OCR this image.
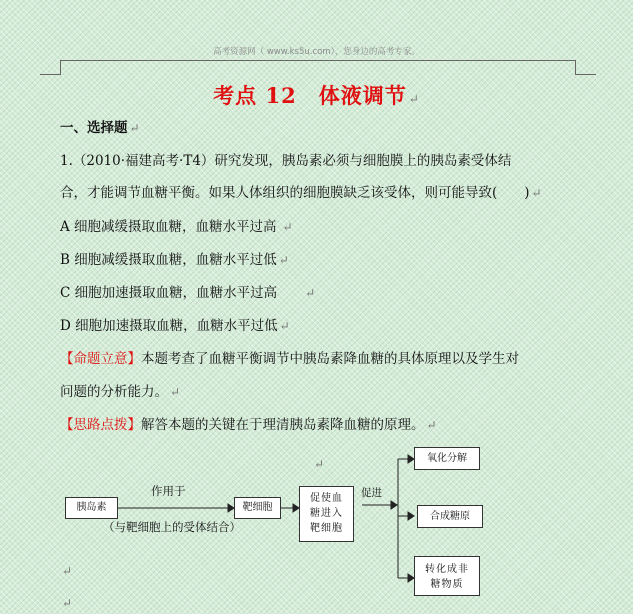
高考资源网（ www.ks5u.com），您身边的高考专家。
考点 12　体液调节 ↵
一、选择题 ↵
1.（2010·福建高考·T4）研究发现，胰岛素必须与细胞膜上的胰岛素受体结
合，才能调节血糖平衡。如果人体组织的细胞膜缺乏该受体，则可能导致(　　) ↵
A 细胞减缓摄取血糖，血糖水平过高 ↵
B 细胞减缓摄取血糖，血糖水平过低 ↵
C 细胞加速摄取血糖，血糖水平过高 ↵
D 细胞加速摄取血糖，血糖水平过低 ↵
【命题立意】本题考查了血糖平衡调节中胰岛素降血糖的具体原理以及学生对
问题的分析能力。 ↵
【思路点拨】解答本题的关键在于理清胰岛素降血糖的原理。 ↵
胰岛素
作用于
（与靶细胞上的受体结合）
靶细胞
促使血糖进入靶细胞
促进
氧化分解
合成糖原
转化成非糖物质
↵
↵
↵
